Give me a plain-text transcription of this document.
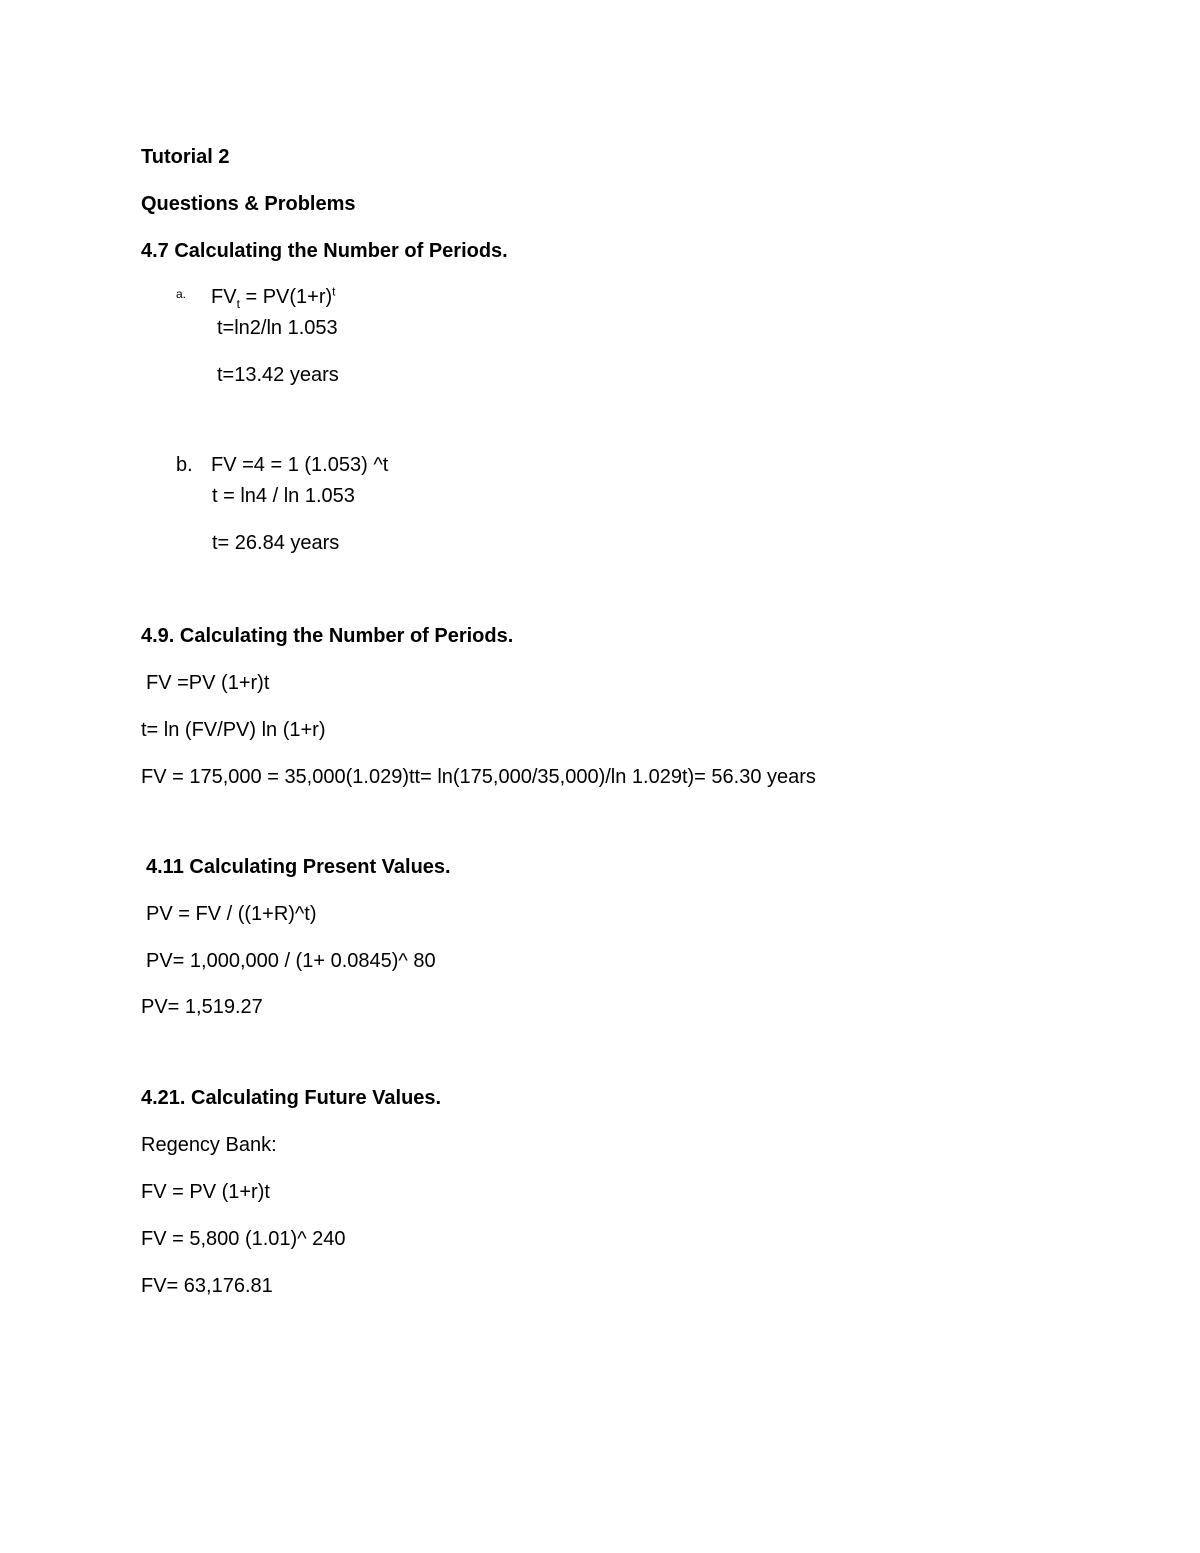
Tutorial 2
Questions & Problems
4.7 Calculating the Number of Periods.
a. $FV_t = PV(1+r)^t$
t=ln2/ln 1.053
t=13.42 years
b. FV =4 = 1 (1.053) ^t
t = ln4 / ln 1.053
t= 26.84 years
4.9. Calculating the Number of Periods.
FV =PV (1+r)t
t= ln (FV/PV) ln (1+r)
FV = 175,000 = 35,000(1.029)tt= ln(175,000/35,000)/ln 1.029t)= 56.30 years
4.11 Calculating Present Values.
PV = FV / ((1+R)^t)
PV= 1,000,000 / (1+ 0.0845)^ 80
PV= 1,519.27
4.21. Calculating Future Values.
Regency Bank:
FV = PV (1+r)t
FV = 5,800 (1.01)^ 240
FV= 63,176.81
